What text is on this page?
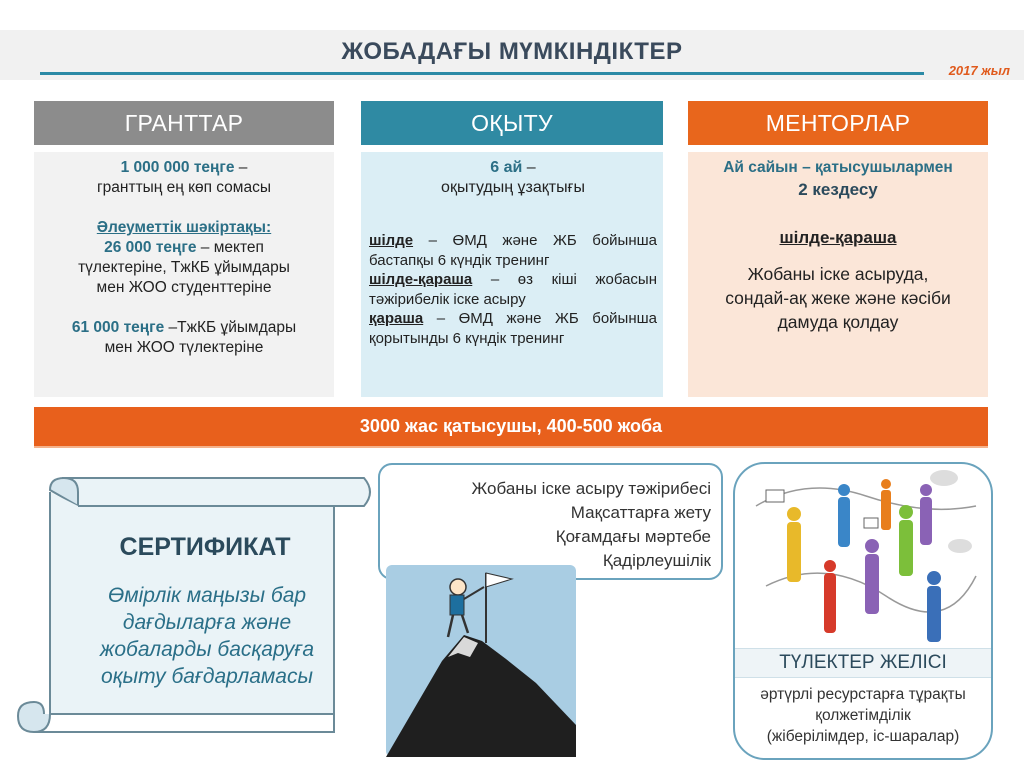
ЖОБАДАҒЫ МҮМКІНДІКТЕР
2017 жыл
ГРАНТТАР
1 000 000 теңге –
гранттың ең көп сомасы
Әлеуметтік шәкіртақы:
26 000 теңге – мектеп
түлектеріне, ТжКБ ұйымдары
мен ЖОО студенттеріне
61 000 теңге –ТжКБ ұйымдары
мен ЖОО түлектеріне
ОҚЫТУ
6 ай –
оқытудың ұзақтығы
шілде – ӨМД және ЖБ бойынша бастапқы 6 күндік тренинг
шілде-қараша – өз кіші жобасын тәжірибелік іске асыру
қараша – ӨМД және ЖБ бойынша қорытынды 6 күндік тренинг
МЕНТОРЛАР
Ай сайын – қатысушылармен
2 кездесу
шілде-қараша
Жобаны іске асыруда,
сондай-ақ жеке және кәсіби
дамуда қолдау
3000 жас қатысушы, 400-500 жоба
СЕРТИФИКАТ
Өмірлік маңызы бар
дағдыларға және
жобаларды басқаруға
оқыту бағдарламасы
Жобаны іске асыру тәжірибесі
Мақсаттарға жету
Қоғамдағы мәртебе
Қадірлеушілік
ТҮЛЕКТЕР ЖЕЛІСІ
әртүрлі ресурстарға тұрақты
қолжетімділік
(жіберілімдер, іс-шаралар)
